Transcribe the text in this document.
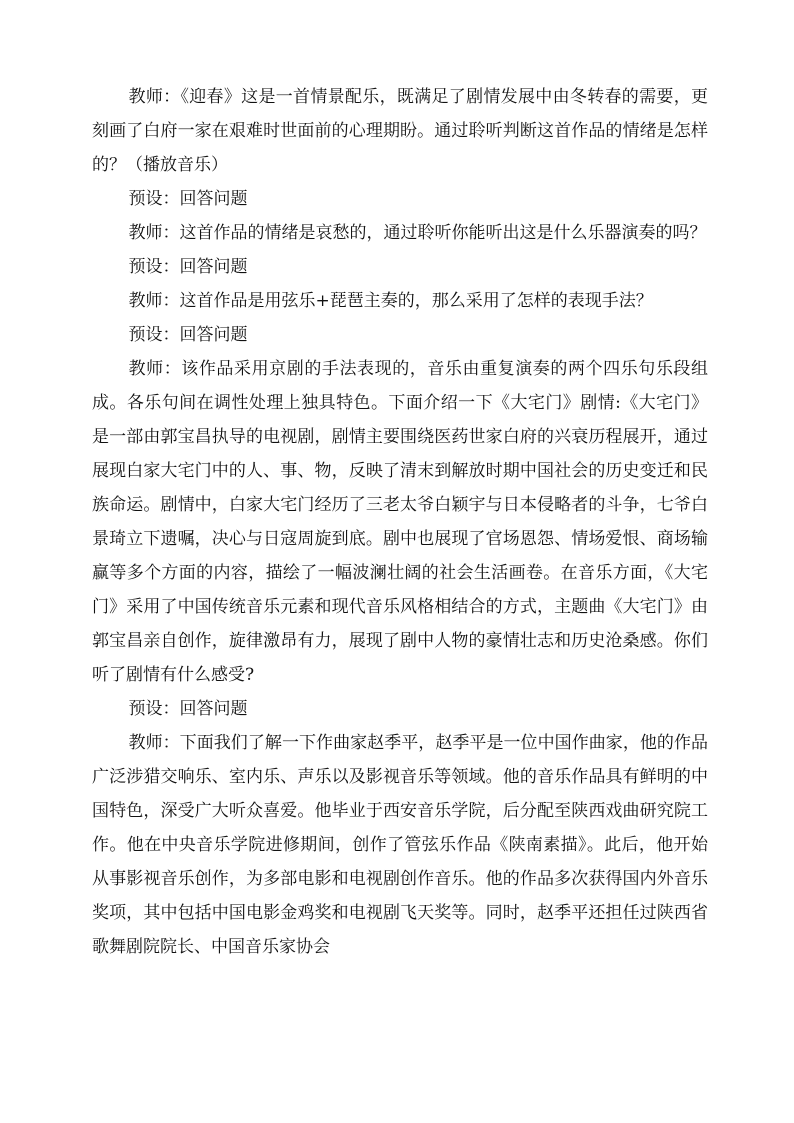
教师：《迎春》这是一首情景配乐，既满足了剧情发展中由冬转春的需要，更刻画了白府一家在艰难时世面前的心理期盼。通过聆听判断这首作品的情绪是怎样的？（播放音乐）

预设：回答问题

教师：这首作品的情绪是哀愁的，通过聆听你能听出这是什么乐器演奏的吗？

预设：回答问题

教师：这首作品是用弦乐+琵琶主奏的，那么采用了怎样的表现手法？

预设：回答问题

教师：该作品采用京剧的手法表现的，音乐由重复演奏的两个四乐句乐段组成。各乐句间在调性处理上独具特色。下面介绍一下《大宅门》剧情:《大宅门》是一部由郭宝昌执导的电视剧，剧情主要围绕医药世家白府的兴衰历程展开，通过展现白家大宅门中的人、事、物，反映了清末到解放时期中国社会的历史变迁和民族命运。剧情中，白家大宅门经历了三老太爷白颖宇与日本侵略者的斗争，七爷白景琦立下遗嘱，决心与日寇周旋到底。剧中也展现了官场恩怨、情场爱恨、商场输赢等多个方面的内容，描绘了一幅波澜壮阔的社会生活画卷。在音乐方面，《大宅门》采用了中国传统音乐元素和现代音乐风格相结合的方式，主题曲《大宅门》由郭宝昌亲自创作，旋律激昂有力，展现了剧中人物的豪情壮志和历史沧桑感。你们听了剧情有什么感受?

预设：回答问题

教师：下面我们了解一下作曲家赵季平，赵季平是一位中国作曲家，他的作品广泛涉猎交响乐、室内乐、声乐以及影视音乐等领域。他的音乐作品具有鲜明的中国特色，深受广大听众喜爱。他毕业于西安音乐学院，后分配至陕西戏曲研究院工作。他在中央音乐学院进修期间，创作了管弦乐作品《陕南素描》。此后，他开始从事影视音乐创作，为多部电影和电视剧创作音乐。他的作品多次获得国内外音乐奖项，其中包括中国电影金鸡奖和电视剧飞天奖等。同时，赵季平还担任过陕西省歌舞剧院院长、中国音乐家协会
